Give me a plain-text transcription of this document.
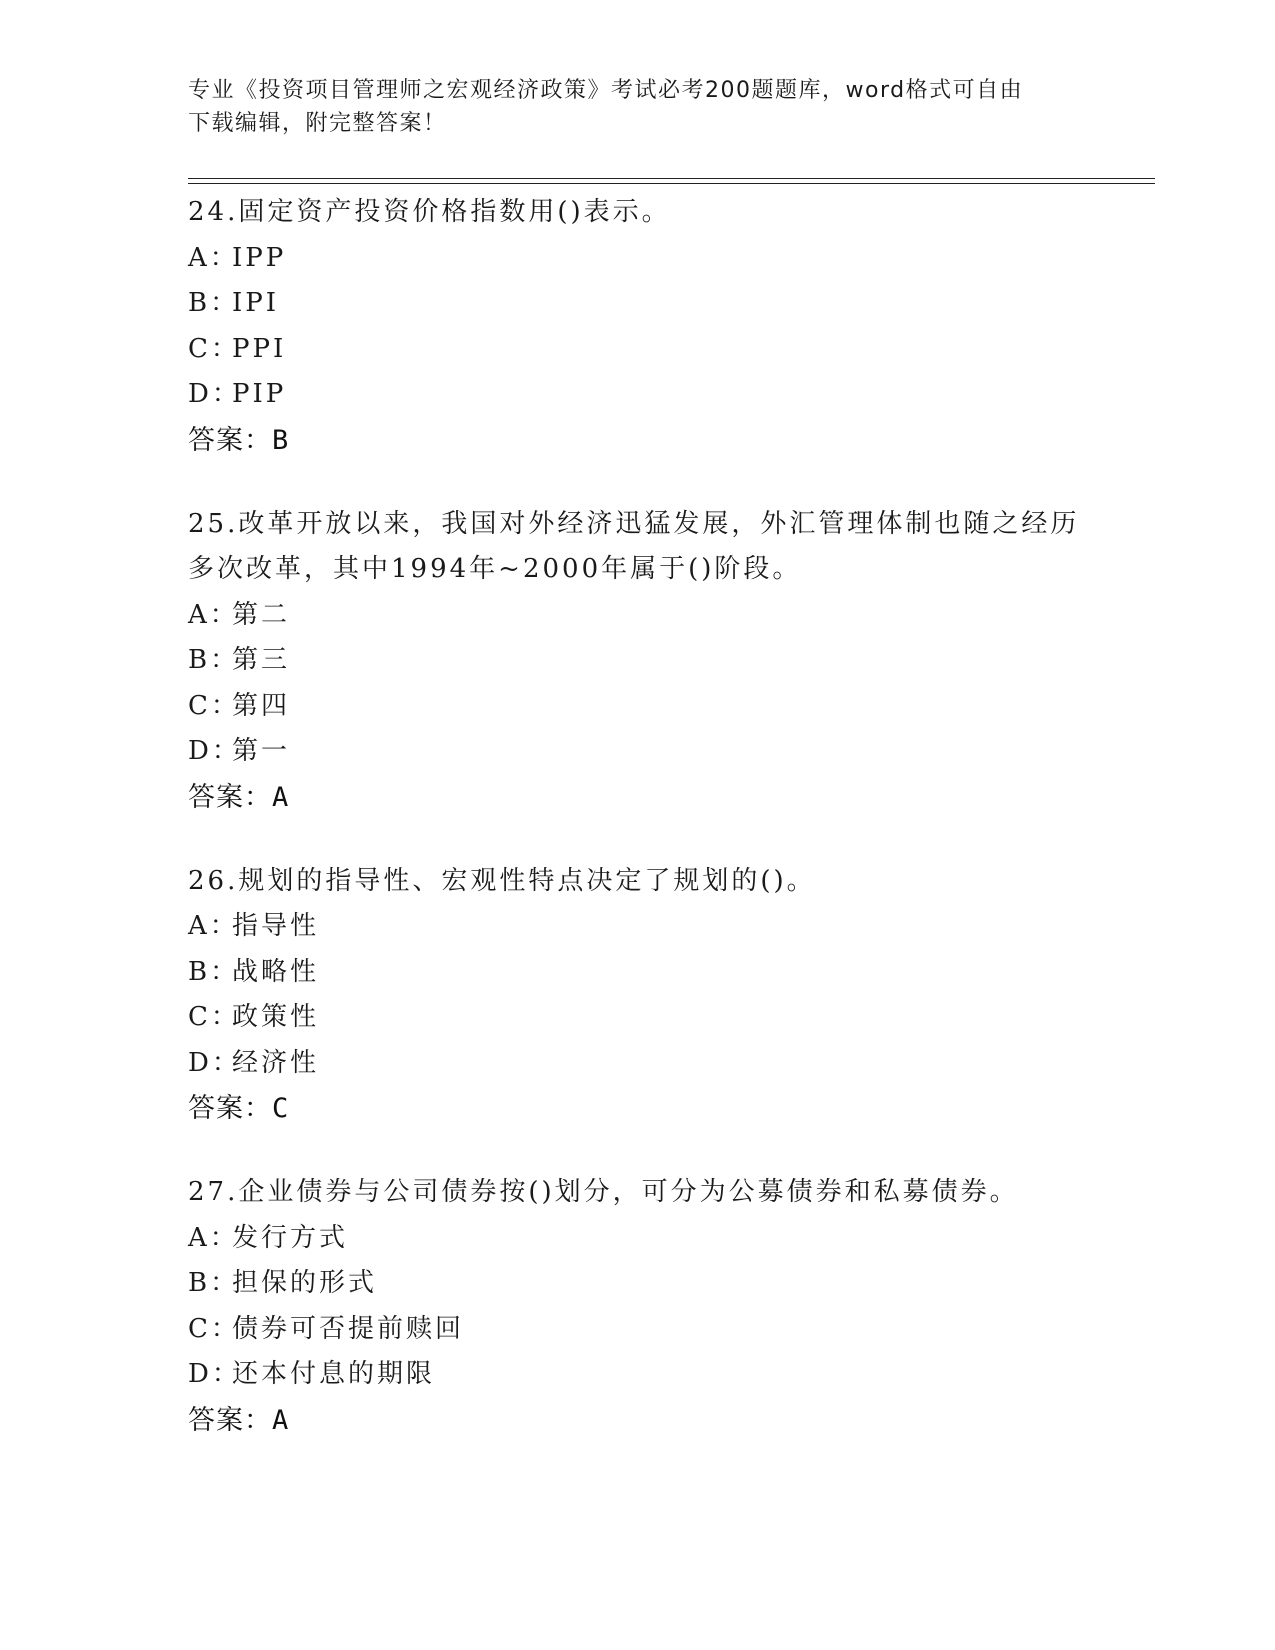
专业《投资项目管理师之宏观经济政策》考试必考200题题库，word格式可自由
下载编辑，附完整答案！
24.固定资产投资价格指数用()表示。
A：IPP
B：IPI
C：PPI
D：PIP
答案：B
25.改革开放以来，我国对外经济迅猛发展，外汇管理体制也随之经历
多次改革，其中1994年~2000年属于()阶段。
A：第二
B：第三
C：第四
D：第一
答案：A
26.规划的指导性、宏观性特点决定了规划的()。
A：指导性
B：战略性
C：政策性
D：经济性
答案：C
27.企业债券与公司债券按()划分，可分为公募债券和私募债券。
A：发行方式
B：担保的形式
C：债券可否提前赎回
D：还本付息的期限
答案：A
